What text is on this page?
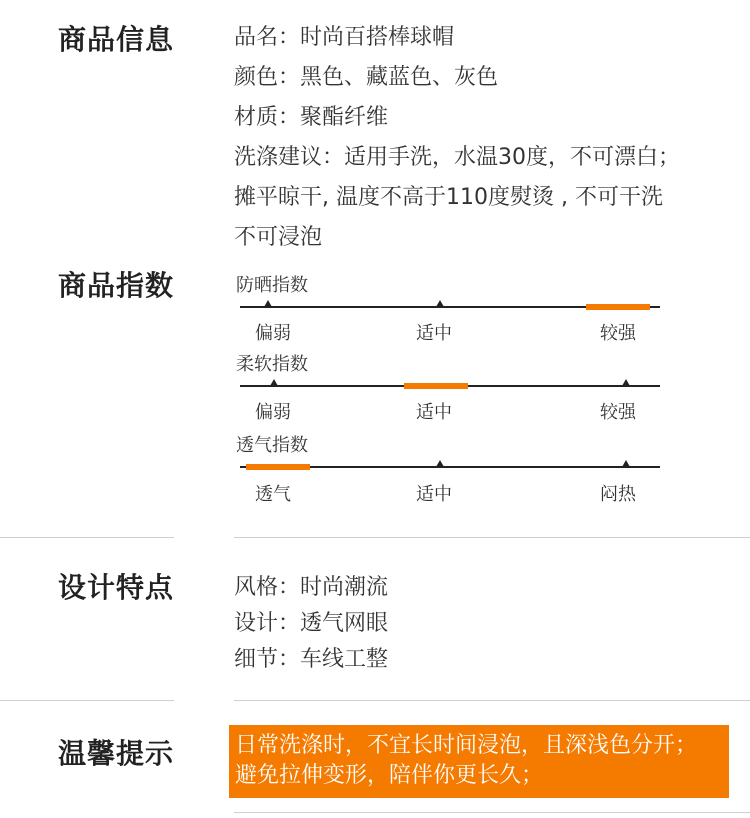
商品信息	品名：时尚百搭棒球帽
颜色：黑色、藏蓝色、灰色
材质：聚酯纤维
洗涤建议：适用手洗，水温30度，不可漂白；
摊平晾干, 温度不高于110度熨烫 , 不可干洗
不可浸泡
商品指数	防晒指数
偏弱	适中	较强
柔软指数
偏弱	适中	较强
透气指数
透气	适中	闷热
设计特点	风格：时尚潮流
设计：透气网眼
细节：车线工整
温馨提示	日常洗涤时，不宜长时间浸泡，且深浅色分开；
避免拉伸变形，陪伴你更长久；
